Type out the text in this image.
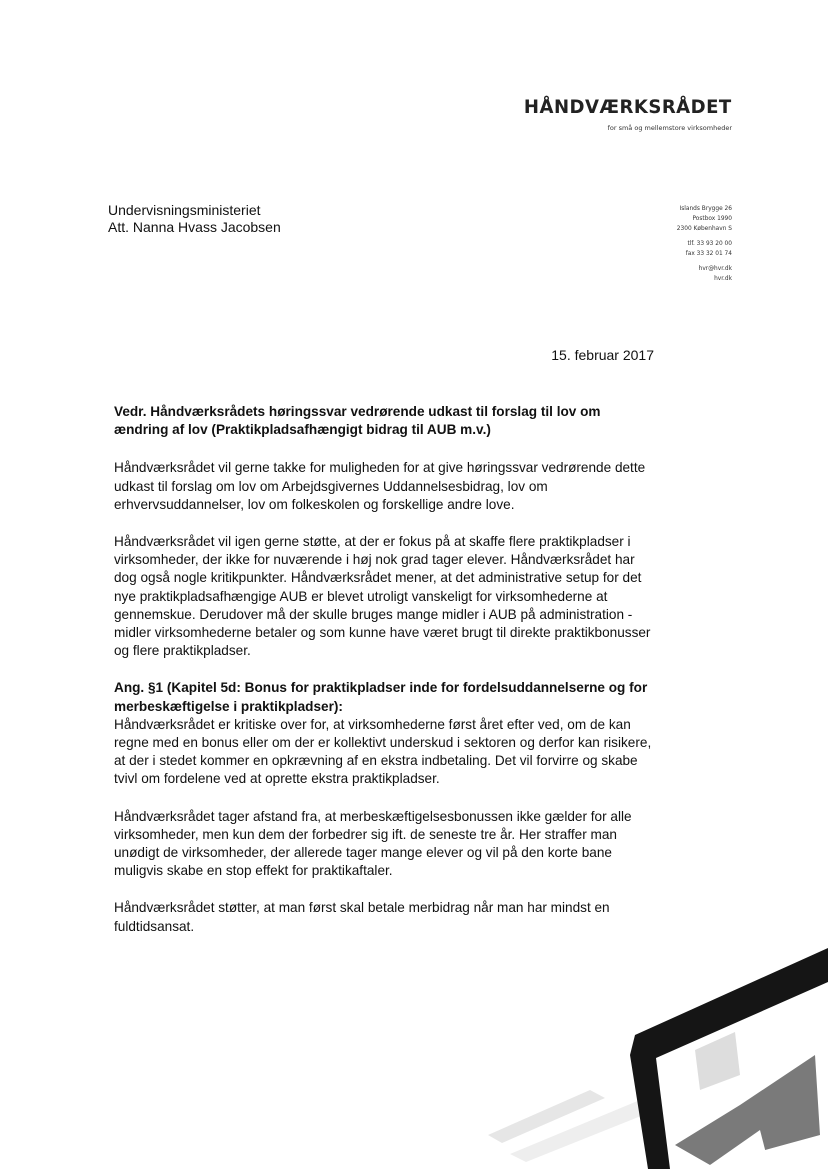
HÅNDVÆRKSRÅDET
for små og mellemstore virksomheder
Undervisningsministeriet
Att. Nanna Hvass Jacobsen
Islands Brygge 26
Postbox 1990
2300 København S
tlf. 33 93 20 00
fax 33 32 01 74
hvr@hvr.dk
hvr.dk
15. februar 2017

Vedr. Håndværksrådets høringssvar vedrørende udkast til forslag til lov om ændring af lov (Praktikpladsafhængigt bidrag til AUB m.v.)

Håndværksrådet vil gerne takke for muligheden for at give høringssvar vedrørende dette udkast til forslag om lov om Arbejdsgivernes Uddannelsesbidrag, lov om erhvervsuddannelser, lov om folkeskolen og forskellige andre love.

Håndværksrådet vil igen gerne støtte, at der er fokus på at skaffe flere praktikpladser i virksomheder, der ikke for nuværende i høj nok grad tager elever. Håndværksrådet har dog også nogle kritikpunkter. Håndværksrådet mener, at det administrative setup for det nye praktikpladsafhængige AUB er blevet utroligt vanskeligt for virksomhederne at gennemskue. Derudover må der skulle bruges mange midler i AUB på administration - midler virksomhederne betaler og som kunne have været brugt til direkte praktikbonusser og flere praktikpladser.

Ang. §1 (Kapitel 5d: Bonus for praktikpladser inde for fordelsuddannelserne og for merbeskæftigelse i praktikpladser):

Håndværksrådet er kritiske over for, at virksomhederne først året efter ved, om de kan regne med en bonus eller om der er kollektivt underskud i sektoren og derfor kan risikere, at der i stedet kommer en opkrævning af en ekstra indbetaling. Det vil forvirre og skabe tvivl om fordelene ved at oprette ekstra praktikpladser.

Håndværksrådet tager afstand fra, at merbeskæftigelsesbonussen ikke gælder for alle virksomheder, men kun dem der forbedrer sig ift. de seneste tre år. Her straffer man unødigt de virksomheder, der allerede tager mange elever og vil på den korte bane muligvis skabe en stop effekt for praktikaftaler.

Håndværksrådet støtter, at man først skal betale merbidrag når man har mindst en fuldtidsansat.
